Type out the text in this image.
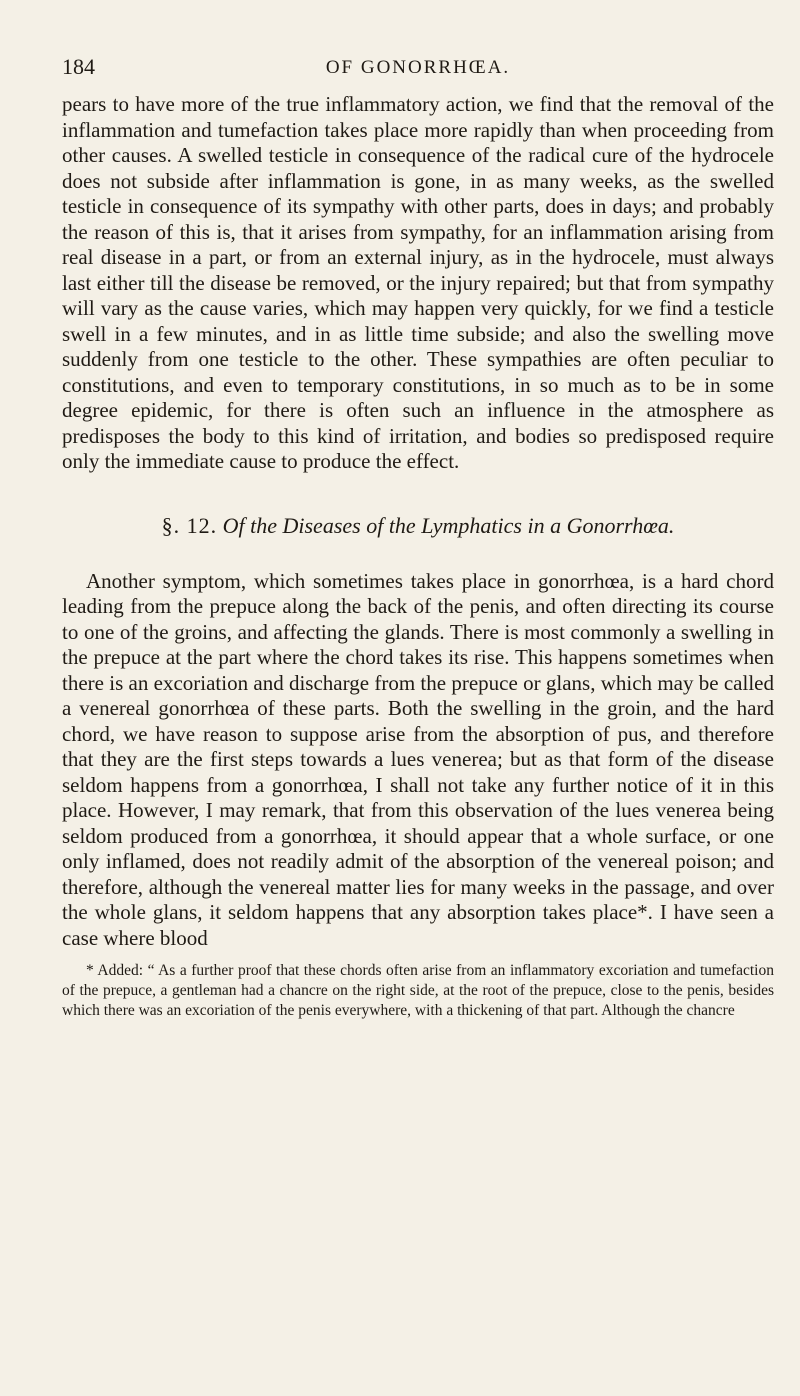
184	OF GONORRHŒA.

pears to have more of the true inflammatory action, we find that the removal of the inflammation and tumefaction takes place more rapidly than when proceeding from other causes. A swelled testicle in consequence of the radical cure of the hydrocele does not subside after inflammation is gone, in as many weeks, as the swelled testicle in consequence of its sympathy with other parts, does in days; and probably the reason of this is, that it arises from sympathy, for an inflammation arising from real disease in a part, or from an external injury, as in the hydrocele, must always last either till the disease be removed, or the injury repaired; but that from sympathy will vary as the cause varies, which may happen very quickly, for we find a testicle swell in a few minutes, and in as little time subside; and also the swelling move suddenly from one testicle to the other. These sympathies are often peculiar to constitutions, and even to temporary constitutions, in so much as to be in some degree epidemic, for there is often such an influence in the atmosphere as predisposes the body to this kind of irritation, and bodies so predisposed require only the immediate cause to produce the effect.

§. 12. Of the Diseases of the Lymphatics in a Gonorrhœa.

Another symptom, which sometimes takes place in gonorrhœa, is a hard chord leading from the prepuce along the back of the penis, and often directing its course to one of the groins, and affecting the glands. There is most commonly a swelling in the prepuce at the part where the chord takes its rise. This happens sometimes when there is an excoriation and discharge from the prepuce or glans, which may be called a venereal gonorrhœa of these parts. Both the swelling in the groin, and the hard chord, we have reason to suppose arise from the absorption of pus, and therefore that they are the first steps towards a lues venerea; but as that form of the disease seldom happens from a gonorrhœa, I shall not take any further notice of it in this place. However, I may remark, that from this observation of the lues venerea being seldom produced from a gonorrhœa, it should appear that a whole surface, or one only inflamed, does not readily admit of the absorption of the venereal poison; and therefore, although the venereal matter lies for many weeks in the passage, and over the whole glans, it seldom happens that any absorption takes place*. I have seen a case where blood

* Added: “ As a further proof that these chords often arise from an inflammatory excoriation and tumefaction of the prepuce, a gentleman had a chancre on the right side, at the root of the prepuce, close to the penis, besides which there was an excoriation of the penis everywhere, with a thickening of that part. Although the chancre
